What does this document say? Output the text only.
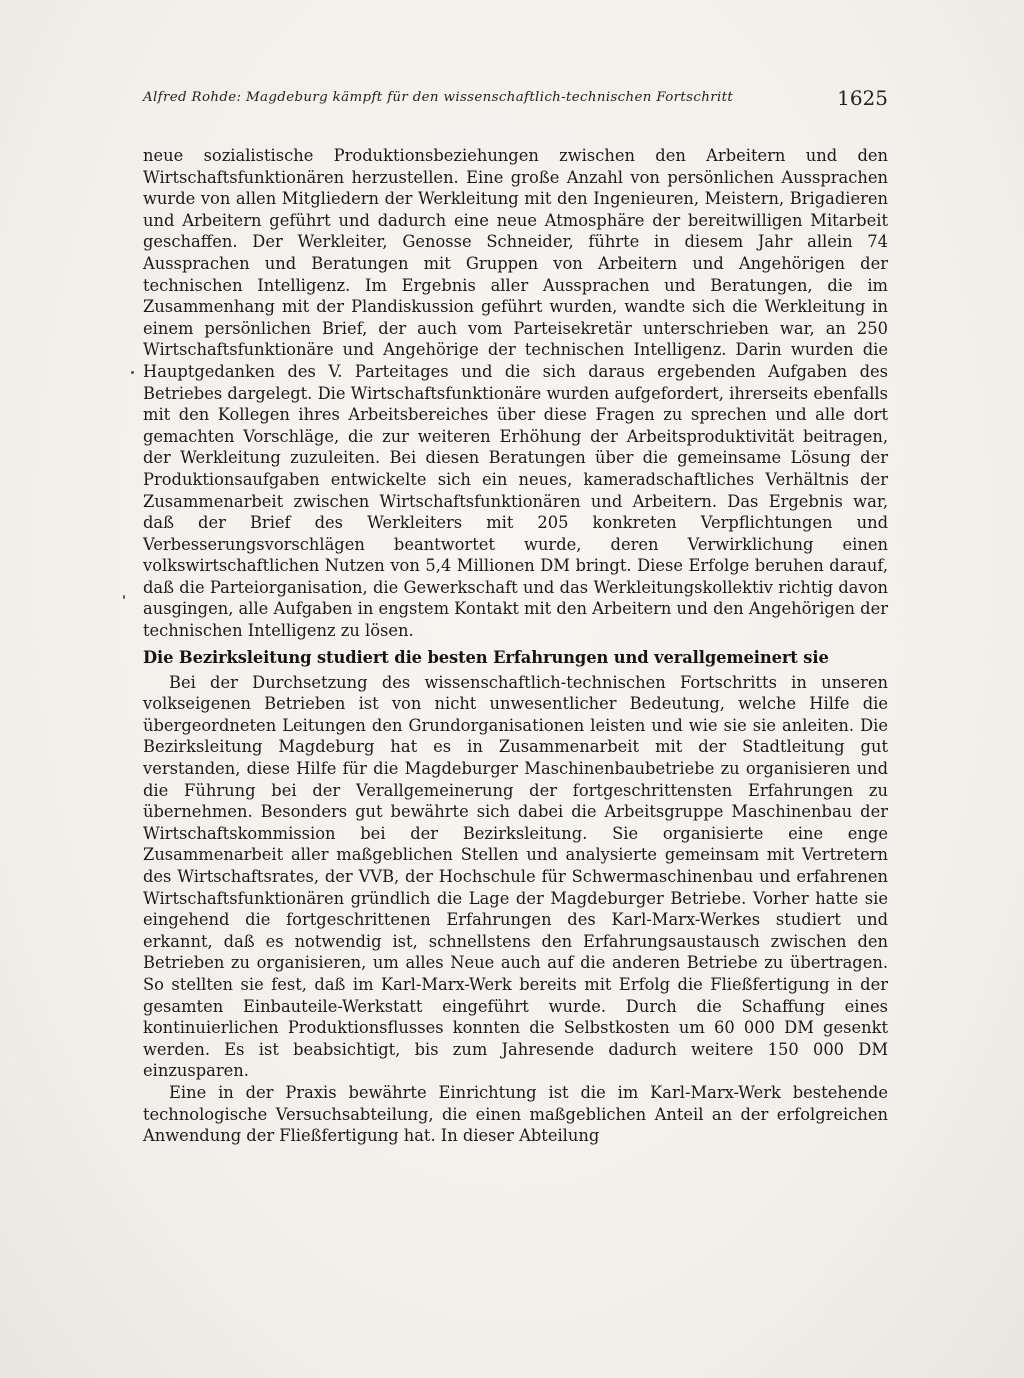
Alfred Rohde: Magdeburg kämpft für den wissenschaftlich-technischen Fortschritt	1625

neue sozialistische Produktionsbeziehungen zwischen den Arbeitern und den Wirtschaftsfunktionären herzustellen. Eine große Anzahl von persönlichen Aussprachen wurde von allen Mitgliedern der Werkleitung mit den Ingenieuren, Meistern, Brigadieren und Arbeitern geführt und dadurch eine neue Atmosphäre der bereitwilligen Mitarbeit geschaffen. Der Werkleiter, Genosse Schneider, führte in diesem Jahr allein 74 Aussprachen und Beratungen mit Gruppen von Arbeitern und Angehörigen der technischen Intelligenz. Im Ergebnis aller Aussprachen und Beratungen, die im Zusammenhang mit der Plandiskussion geführt wurden, wandte sich die Werkleitung in einem persönlichen Brief, der auch vom Parteisekretär unterschrieben war, an 250 Wirtschaftsfunktionäre und Angehörige der technischen Intelligenz. Darin wurden die Hauptgedanken des V. Parteitages und die sich daraus ergebenden Aufgaben des Betriebes dargelegt. Die Wirtschaftsfunktionäre wurden aufgefordert, ihrerseits ebenfalls mit den Kollegen ihres Arbeitsbereiches über diese Fragen zu sprechen und alle dort gemachten Vorschläge, die zur weiteren Erhöhung der Arbeitsproduktivität beitragen, der Werkleitung zuzuleiten. Bei diesen Beratungen über die gemeinsame Lösung der Produktionsaufgaben entwickelte sich ein neues, kameradschaftliches Verhältnis der Zusammenarbeit zwischen Wirtschaftsfunktionären und Arbeitern. Das Ergebnis war, daß der Brief des Werkleiters mit 205 konkreten Verpflichtungen und Verbesserungsvorschlägen beantwortet wurde, deren Verwirklichung einen volkswirtschaftlichen Nutzen von 5,4 Millionen DM bringt. Diese Erfolge beruhen darauf, daß die Parteiorganisation, die Gewerkschaft und das Werkleitungskollektiv richtig davon ausgingen, alle Aufgaben in engstem Kontakt mit den Arbeitern und den Angehörigen der technischen Intelligenz zu lösen.

Die Bezirksleitung studiert die besten Erfahrungen und verallgemeinert sie

Bei der Durchsetzung des wissenschaftlich-technischen Fortschritts in unseren volkseigenen Betrieben ist von nicht unwesentlicher Bedeutung, welche Hilfe die übergeordneten Leitungen den Grundorganisationen leisten und wie sie sie anleiten. Die Bezirksleitung Magdeburg hat es in Zusammenarbeit mit der Stadtleitung gut verstanden, diese Hilfe für die Magdeburger Maschinenbaubetriebe zu organisieren und die Führung bei der Verallgemeinerung der fortgeschrittensten Erfahrungen zu übernehmen. Besonders gut bewährte sich dabei die Arbeitsgruppe Maschinenbau der Wirtschaftskommission bei der Bezirksleitung. Sie organisierte eine enge Zusammenarbeit aller maßgeblichen Stellen und analysierte gemeinsam mit Vertretern des Wirtschaftsrates, der VVB, der Hochschule für Schwermaschinenbau und erfahrenen Wirtschaftsfunktionären gründlich die Lage der Magdeburger Betriebe. Vorher hatte sie eingehend die fortgeschrittenen Erfahrungen des Karl-Marx-Werkes studiert und erkannt, daß es notwendig ist, schnellstens den Erfahrungsaustausch zwischen den Betrieben zu organisieren, um alles Neue auch auf die anderen Betriebe zu übertragen. So stellten sie fest, daß im Karl-Marx-Werk bereits mit Erfolg die Fließfertigung in der gesamten Einbauteile-Werkstatt eingeführt wurde. Durch die Schaffung eines kontinuierlichen Produktionsflusses konnten die Selbstkosten um 60 000 DM gesenkt werden. Es ist beabsichtigt, bis zum Jahresende dadurch weitere 150 000 DM einzusparen.

Eine in der Praxis bewährte Einrichtung ist die im Karl-Marx-Werk bestehende technologische Versuchsabteilung, die einen maßgeblichen Anteil an der erfolgreichen Anwendung der Fließfertigung hat. In dieser Abteilung
